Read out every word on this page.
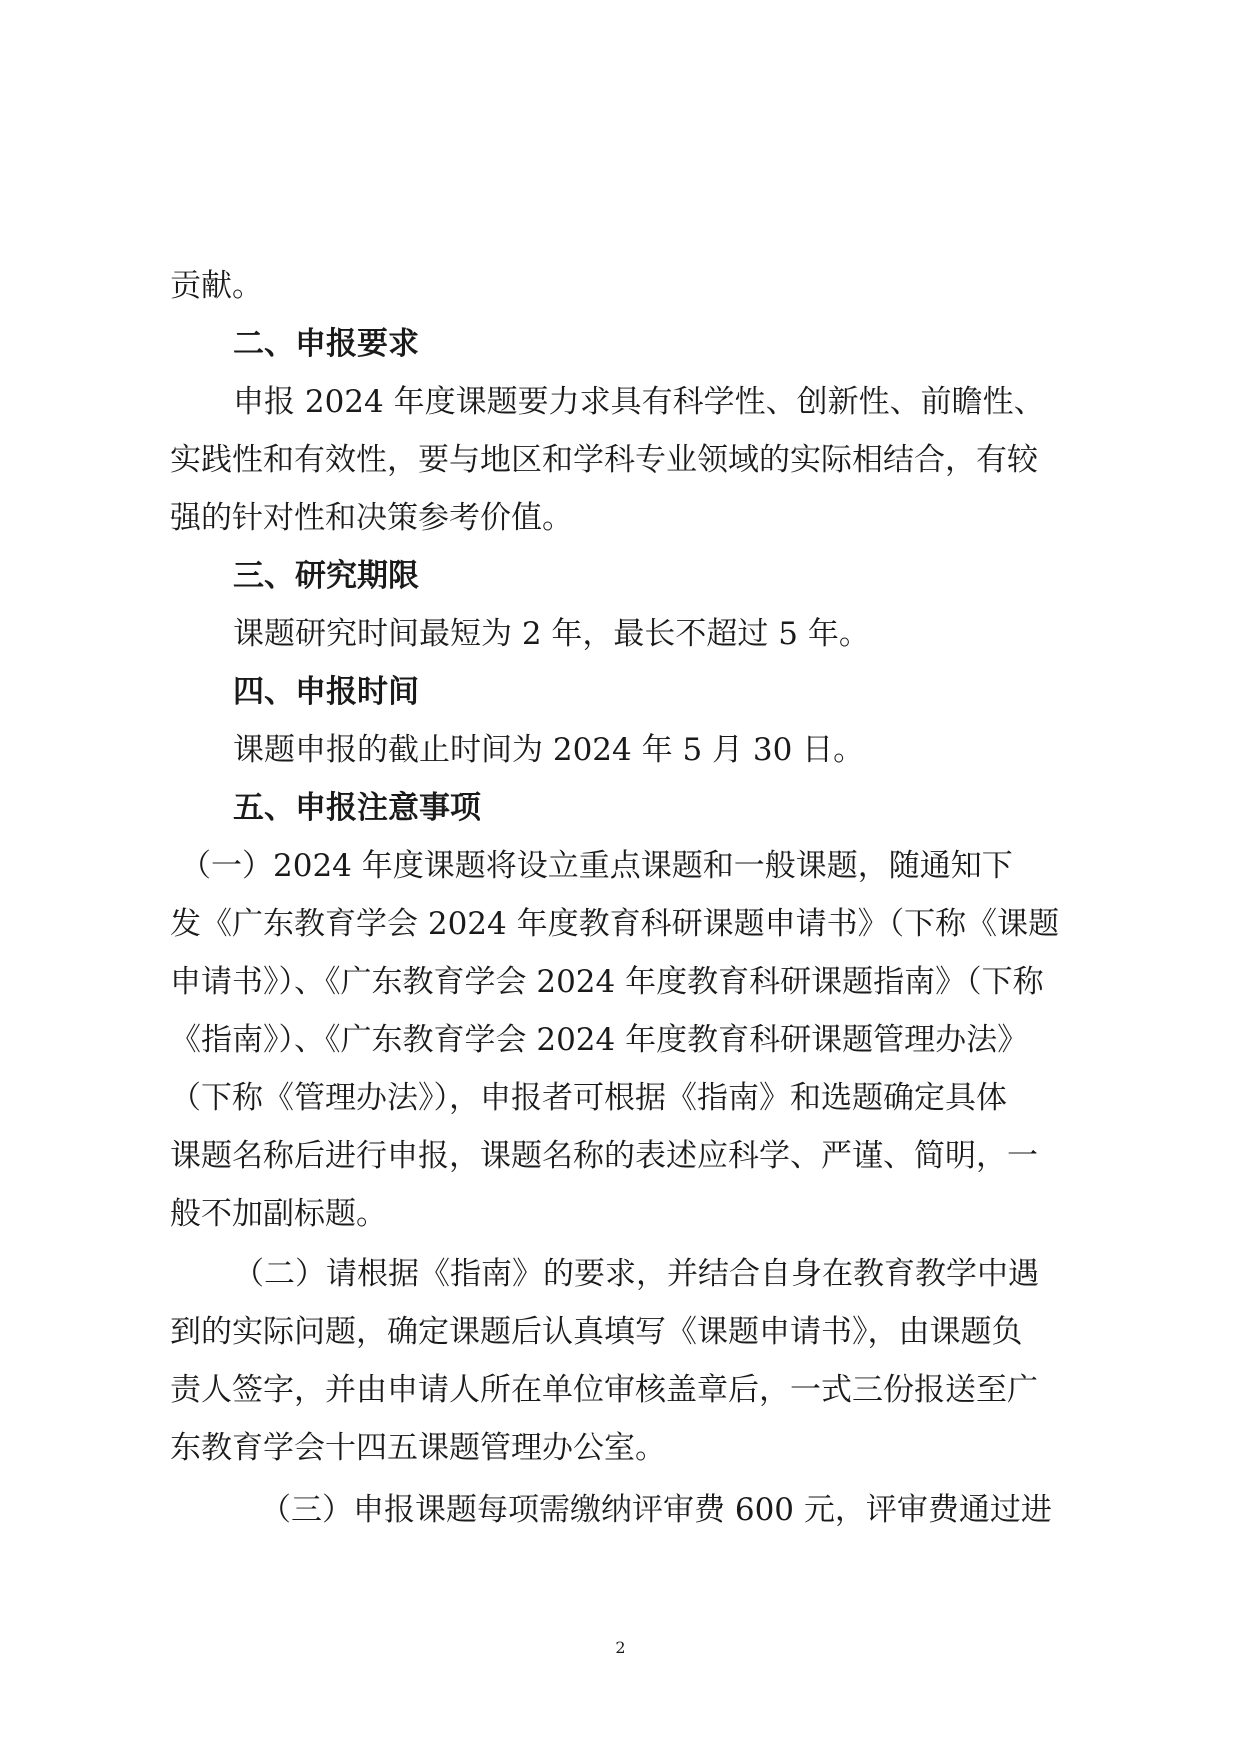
贡献。
二、申报要求
申报 2024 年度课题要力求具有科学性、创新性、前瞻性、
实践性和有效性，要与地区和学科专业领域的实际相结合，有较
强的针对性和决策参考价值。
三、研究期限
课题研究时间最短为 2 年，最长不超过 5 年。
四、申报时间
课题申报的截止时间为 2024 年 5 月 30 日。
五、申报注意事项
（一）2024 年度课题将设立重点课题和一般课题，随通知下
发《广东教育学会 2024 年度教育科研课题申请书》（下称《课题
申请书》）、《广东教育学会 2024 年度教育科研课题指南》（下称
《指南》）、《广东教育学会 2024 年度教育科研课题管理办法》
（下称《管理办法》），申报者可根据《指南》和选题确定具体
课题名称后进行申报，课题名称的表述应科学、严谨、简明，一
般不加副标题。
（二）请根据《指南》的要求，并结合自身在教育教学中遇
到的实际问题，确定课题后认真填写《课题申请书》，由课题负
责人签字，并由申请人所在单位审核盖章后，一式三份报送至广
东教育学会十四五课题管理办公室。
（三）申报课题每项需缴纳评审费 600 元，评审费通过进
2
